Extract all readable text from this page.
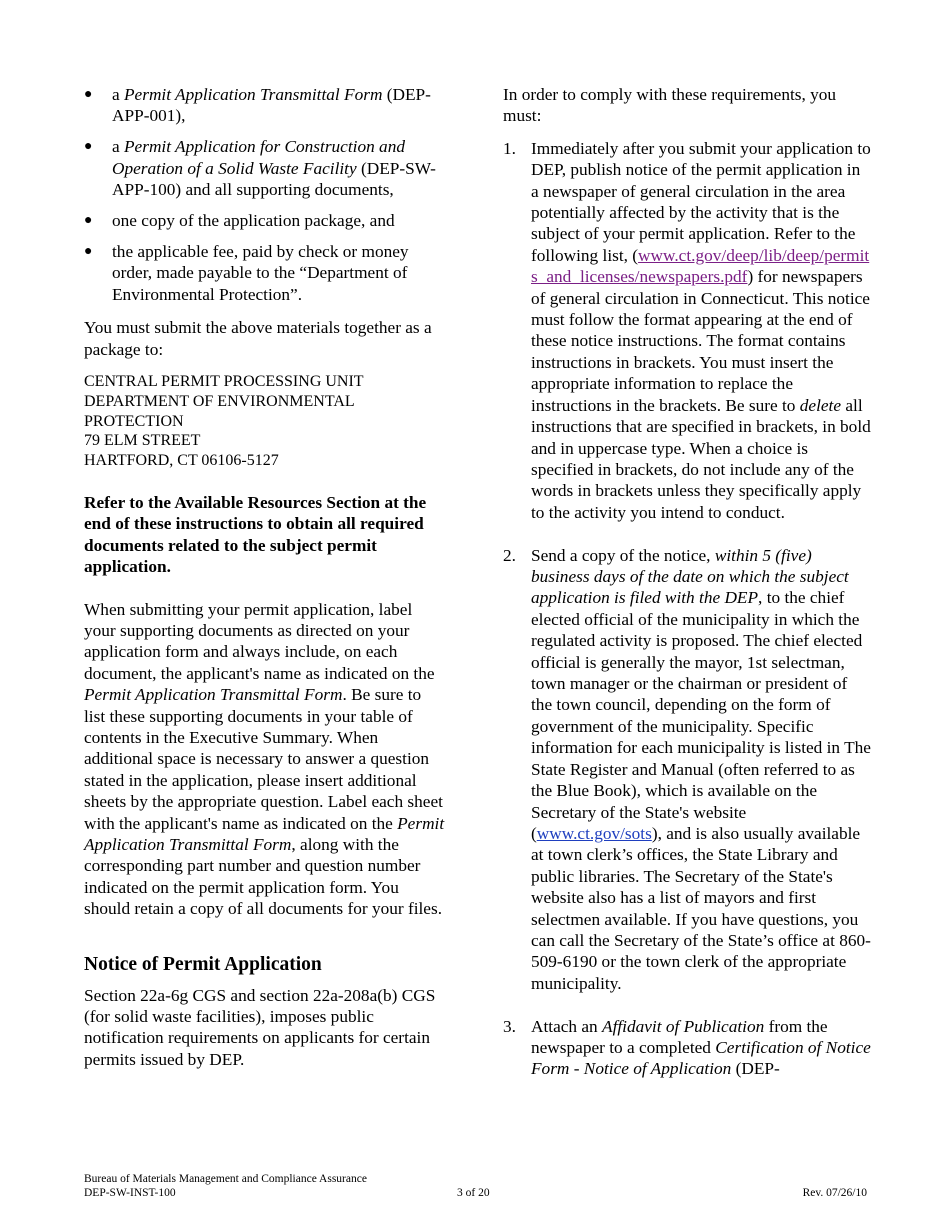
● a Permit Application Transmittal Form (DEP-APP-001),
● a Permit Application for Construction and Operation of a Solid Waste Facility (DEP-SW-APP-100) and all supporting documents,
● one copy of the application package, and
● the applicable fee, paid by check or money order, made payable to the “Department of Environmental Protection”.

You must submit the above materials together as a package to:

CENTRAL PERMIT PROCESSING UNIT
DEPARTMENT OF ENVIRONMENTAL PROTECTION
79 ELM STREET
HARTFORD, CT 06106-5127

Refer to the Available Resources Section at the end of these instructions to obtain all required documents related to the subject permit application.

When submitting your permit application, label your supporting documents as directed on your application form and always include, on each document, the applicant's name as indicated on the Permit Application Transmittal Form. Be sure to list these supporting documents in your table of contents in the Executive Summary. When additional space is necessary to answer a question stated in the application, please insert additional sheets by the appropriate question. Label each sheet with the applicant's name as indicated on the Permit Application Transmittal Form, along with the corresponding part number and question number indicated on the permit application form. You should retain a copy of all documents for your files.

Notice of Permit Application

Section 22a-6g CGS and section 22a-208a(b) CGS (for solid waste facilities), imposes public notification requirements on applicants for certain permits issued by DEP.

In order to comply with these requirements, you must:

1. Immediately after you submit your application to DEP, publish notice of the permit application in a newspaper of general circulation in the area potentially affected by the activity that is the subject of your permit application. Refer to the following list, (www.ct.gov/deep/lib/deep/permits_and_licenses/newspapers.pdf) for newspapers of general circulation in Connecticut. This notice must follow the format appearing at the end of these notice instructions. The format contains instructions in brackets. You must insert the appropriate information to replace the instructions in the brackets. Be sure to delete all instructions that are specified in brackets, in bold and in uppercase type. When a choice is specified in brackets, do not include any of the words in brackets unless they specifically apply to the activity you intend to conduct.
2. Send a copy of the notice, within 5 (five) business days of the date on which the subject application is filed with the DEP, to the chief elected official of the municipality in which the regulated activity is proposed. The chief elected official is generally the mayor, 1st selectman, town manager or the chairman or president of the town council, depending on the form of government of the municipality. Specific information for each municipality is listed in The State Register and Manual (often referred to as the Blue Book), which is available on the Secretary of the State's website (www.ct.gov/sots), and is also usually available at town clerk’s offices, the State Library and public libraries. The Secretary of the State's website also has a list of mayors and first selectmen available. If you have questions, you can call the Secretary of the State’s office at 860-509-6190 or the town clerk of the appropriate municipality.
3. Attach an Affidavit of Publication from the newspaper to a completed Certification of Notice Form - Notice of Application (DEP-
Bureau of Materials Management and Compliance Assurance
DEP-SW-INST-100	3 of 20	Rev. 07/26/10
